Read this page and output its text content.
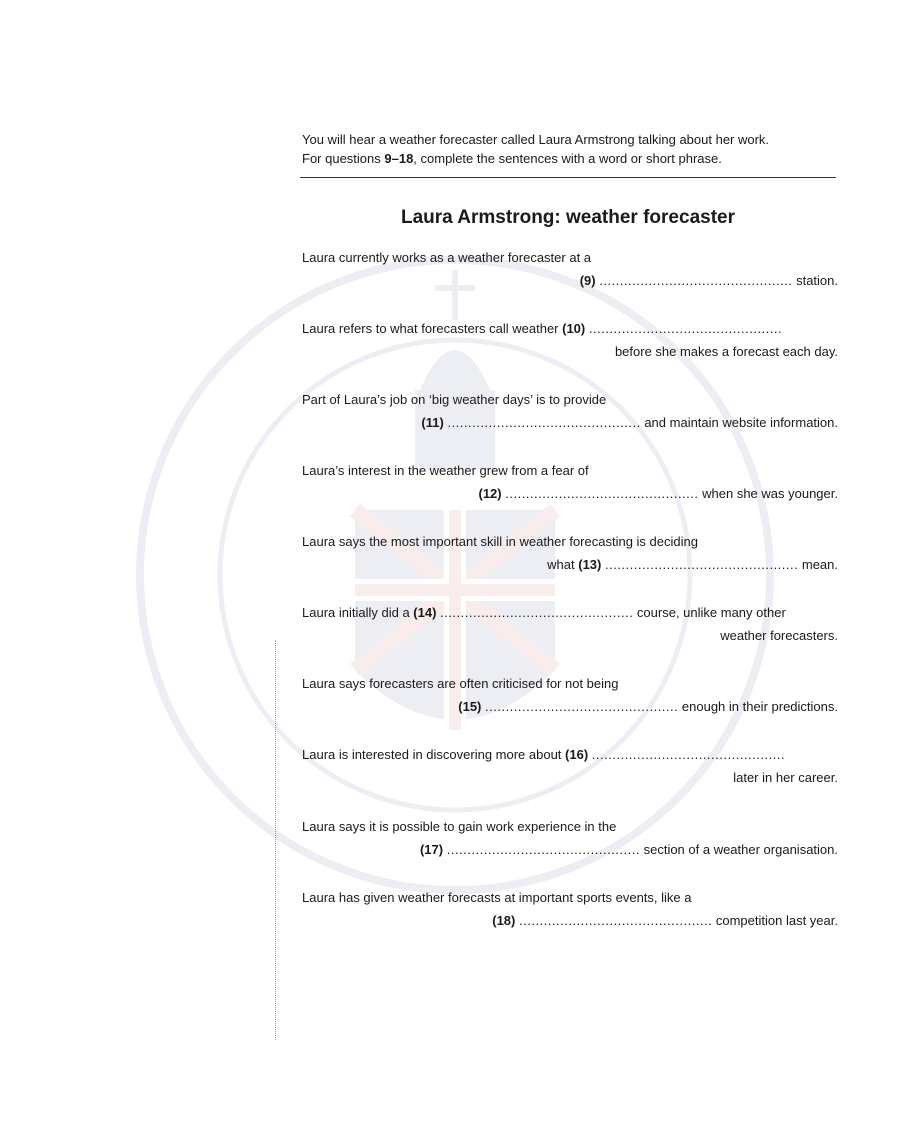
You will hear a weather forecaster called Laura Armstrong talking about her work.

For questions 9–18, complete the sentences with a word or short phrase.

Laura Armstrong: weather forecaster
Laura currently works as a weather forecaster at a
(9) ............................................... station.
Laura refers to what forecasters call weather (10) ...............................................
before she makes a forecast each day.
Part of Laura’s job on ‘big weather days’ is to provide
(11) ............................................... and maintain website information.
Laura’s interest in the weather grew from a fear of
(12) ............................................... when she was younger.
Laura says the most important skill in weather forecasting is deciding
what (13) ............................................... mean.
Laura initially did a (14) ............................................... course, unlike many other
weather forecasters.
Laura says forecasters are often criticised for not being
(15) ............................................... enough in their predictions.
Laura is interested in discovering more about (16) ...............................................
later in her career.
Laura says it is possible to gain work experience in the
(17) ............................................... section of a weather organisation.
Laura has given weather forecasts at important sports events, like a
(18) ............................................... competition last year.
